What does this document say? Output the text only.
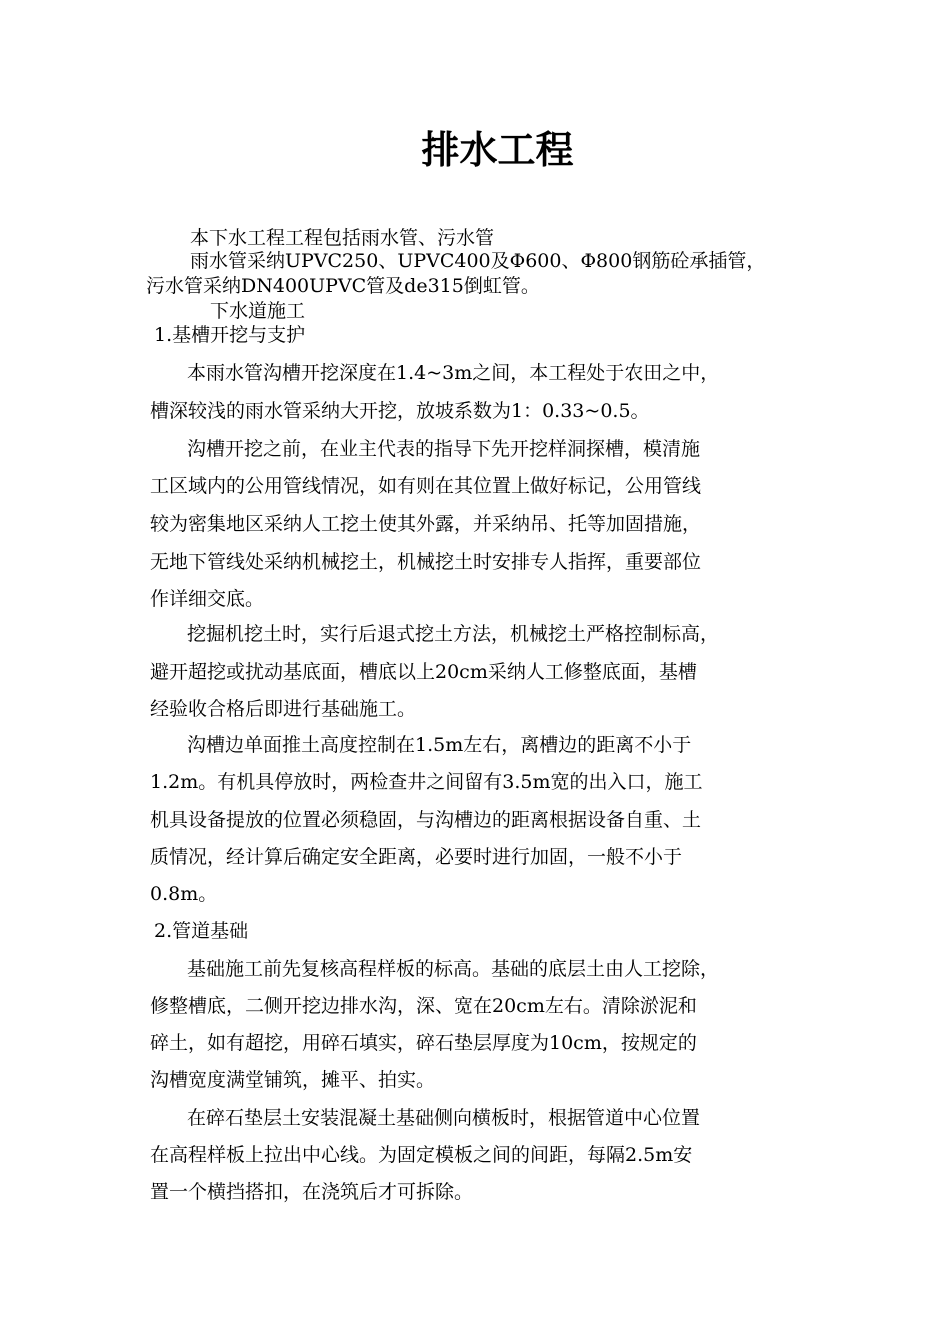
排水工程
本下水工程工程包括雨水管、污水管
雨水管采纳UPVC250、UPVC400及Φ600、Φ800钢筋砼承插管，
污水管采纳DN400UPVC管及de315倒虹管。
下水道施工
1.基槽开挖与支护
本雨水管沟槽开挖深度在1.4~3m之间，本工程处于农田之中，
槽深较浅的雨水管采纳大开挖，放坡系数为1：0.33~0.5。
沟槽开挖之前，在业主代表的指导下先开挖样洞探槽，模清施
工区域内的公用管线情况，如有则在其位置上做好标记，公用管线
较为密集地区采纳人工挖土使其外露，并采纳吊、托等加固措施，
无地下管线处采纳机械挖土，机械挖土时安排专人指挥，重要部位
作详细交底。
挖掘机挖土时，实行后退式挖土方法，机械挖土严格控制标高，
避开超挖或扰动基底面，槽底以上20cm采纳人工修整底面，基槽
经验收合格后即进行基础施工。
沟槽边单面推土高度控制在1.5m左右，离槽边的距离不小于
1.2m。有机具停放时，两检查井之间留有3.5m宽的出入口，施工
机具设备提放的位置必须稳固，与沟槽边的距离根据设备自重、土
质情况，经计算后确定安全距离，必要时进行加固，一般不小于
0.8m。
2.管道基础
基础施工前先复核高程样板的标高。基础的底层土由人工挖除，
修整槽底，二侧开挖边排水沟，深、宽在20cm左右。清除淤泥和
碎土，如有超挖，用碎石填实，碎石垫层厚度为10cm，按规定的
沟槽宽度满堂铺筑，摊平、拍实。
在碎石垫层土安装混凝土基础侧向横板时，根据管道中心位置
在高程样板上拉出中心线。为固定模板之间的间距，每隔2.5m安
置一个横挡搭扣，在浇筑后才可拆除。
